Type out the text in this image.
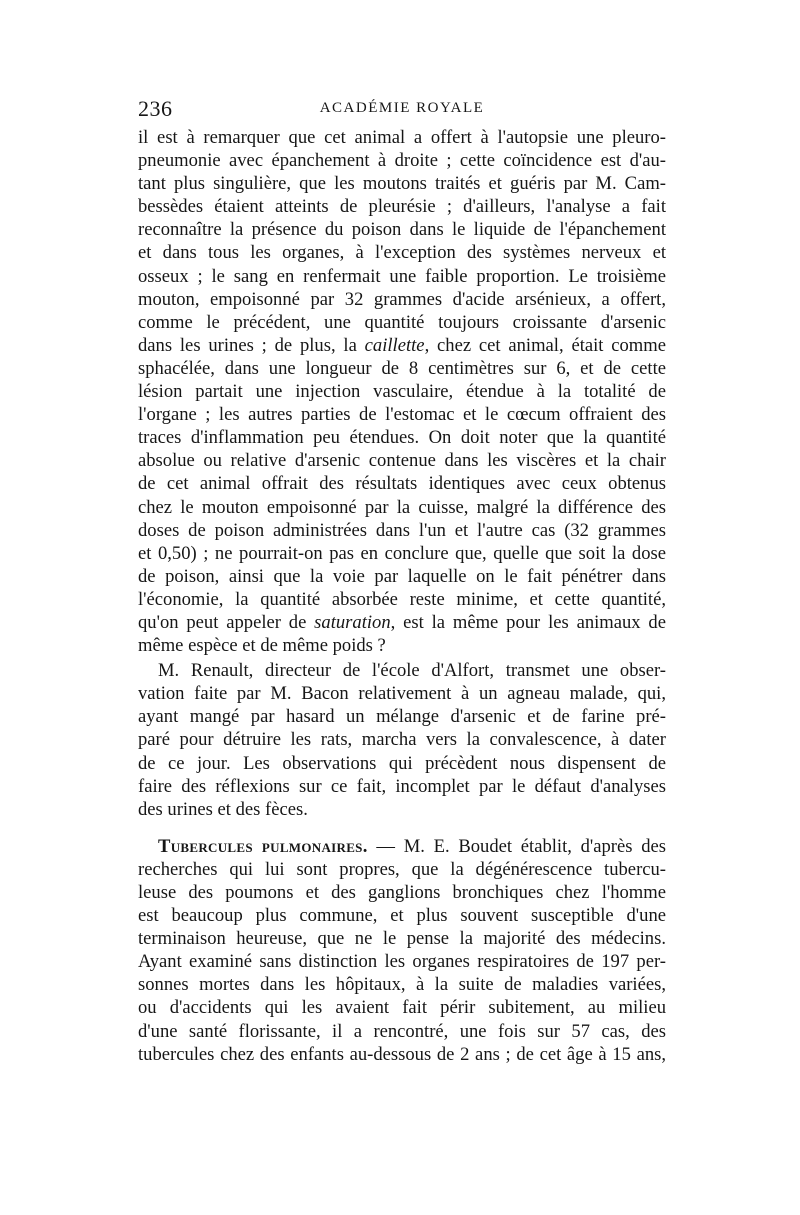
236	ACADÉMIE ROYALE
il est à remarquer que cet animal a offert à l'autopsie une pleuro-
pneumonie avec épanchement à droite ; cette coïncidence est d'au-
tant plus singulière, que les moutons traités et guéris par M. Cam-
bessèdes étaient atteints de pleurésie ; d'ailleurs, l'analyse a fait
reconnaître la présence du poison dans le liquide de l'épanchement
et dans tous les organes, à l'exception des systèmes nerveux et
osseux ; le sang en renfermait une faible proportion. Le troisième
mouton, empoisonné par 32 grammes d'acide arsénieux, a offert,
comme le précédent, une quantité toujours croissante d'arsenic
dans les urines ; de plus, la caillette, chez cet animal, était comme
sphacélée, dans une longueur de 8 centimètres sur 6, et de cette
lésion partait une injection vasculaire, étendue à la totalité de
l'organe ; les autres parties de l'estomac et le cœcum offraient des
traces d'inflammation peu étendues. On doit noter que la quantité
absolue ou relative d'arsenic contenue dans les viscères et la chair
de cet animal offrait des résultats identiques avec ceux obtenus
chez le mouton empoisonné par la cuisse, malgré la différence des
doses de poison administrées dans l'un et l'autre cas (32 grammes
et 0,50) ; ne pourrait-on pas en conclure que, quelle que soit la dose
de poison, ainsi que la voie par laquelle on le fait pénétrer dans
l'économie, la quantité absorbée reste minime, et cette quantité,
qu'on peut appeler de saturation, est la même pour les animaux de
même espèce et de même poids ?
M. Renault, directeur de l'école d'Alfort, transmet une obser-
vation faite par M. Bacon relativement à un agneau malade, qui,
ayant mangé par hasard un mélange d'arsenic et de farine pré-
paré pour détruire les rats, marcha vers la convalescence, à dater
de ce jour. Les observations qui précèdent nous dispensent de
faire des réflexions sur ce fait, incomplet par le défaut d'analyses
des urines et des fèces.
Tubercules pulmonaires. — M. E. Boudet établit, d'après des
recherches qui lui sont propres, que la dégénérescence tubercu-
leuse des poumons et des ganglions bronchiques chez l'homme
est beaucoup plus commune, et plus souvent susceptible d'une
terminaison heureuse, que ne le pense la majorité des médecins.
Ayant examiné sans distinction les organes respiratoires de 197 per-
sonnes mortes dans les hôpitaux, à la suite de maladies variées,
ou d'accidents qui les avaient fait périr subitement, au milieu
d'une santé florissante, il a rencontré, une fois sur 57 cas, des
tubercules chez des enfants au-dessous de 2 ans ; de cet âge à 15 ans,
